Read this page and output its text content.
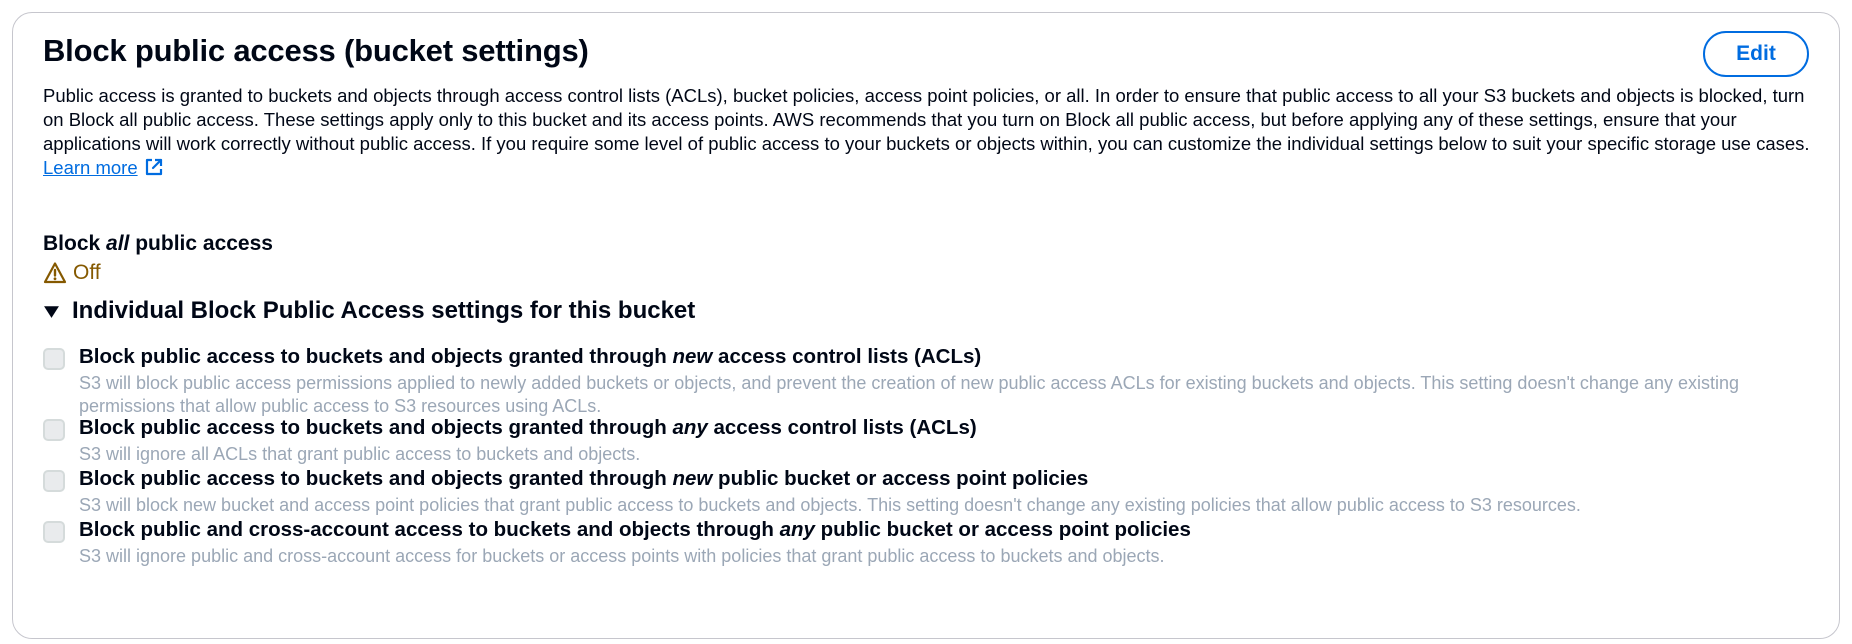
Block public access (bucket settings)	Edit

Public access is granted to buckets and objects through access control lists (ACLs), bucket policies, access point policies, or all. In order to ensure that public access to all your S3 buckets and objects is blocked, turn on Block all public access. These settings apply only to this bucket and its access points. AWS recommends that you turn on Block all public access, but before applying any of these settings, ensure that your applications will work correctly without public access. If you require some level of public access to your buckets or objects within, you can customize the individual settings below to suit your specific storage use cases. Learn more

Block all public access
Off
Individual Block Public Access settings for this bucket
Block public access to buckets and objects granted through new access control lists (ACLs)
S3 will block public access permissions applied to newly added buckets or objects, and prevent the creation of new public access ACLs for existing buckets and objects. This setting doesn't change any existing permissions that allow public access to S3 resources using ACLs.
Block public access to buckets and objects granted through any access control lists (ACLs)
S3 will ignore all ACLs that grant public access to buckets and objects.
Block public access to buckets and objects granted through new public bucket or access point policies
S3 will block new bucket and access point policies that grant public access to buckets and objects. This setting doesn't change any existing policies that allow public access to S3 resources.
Block public and cross-account access to buckets and objects through any public bucket or access point policies
S3 will ignore public and cross-account access for buckets or access points with policies that grant public access to buckets and objects.
